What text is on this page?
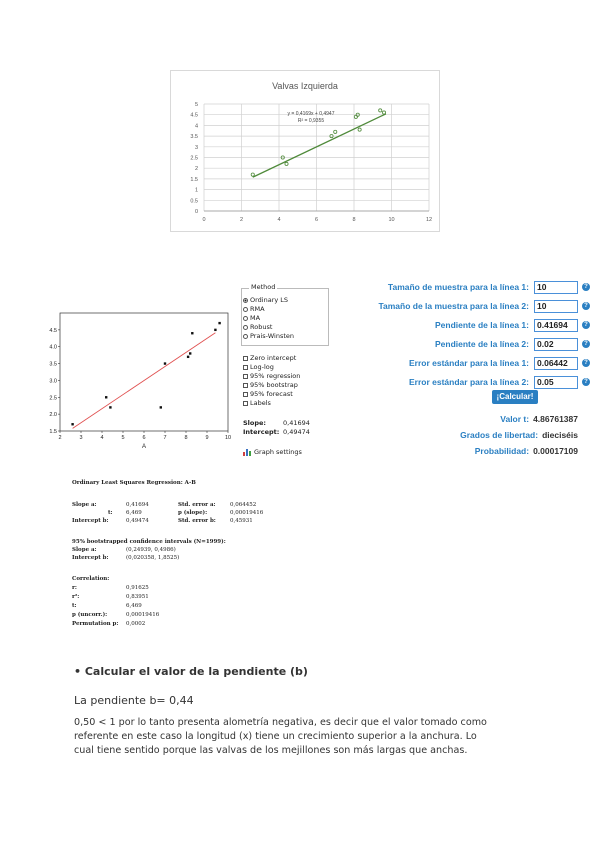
Valvas Izquierda
0
0.5
1
1.5
2
2.5
3
3.5
4
4.5
5
0	2	4	6	8	10	12
y = 0,4169x + 0,4947
R² = 0,9355
1.5
2.0
2.5
3.0
3.5
4.0
4.5
2	3	4	5	6	7	8	9	10
A
Method
Ordinary LS
RMA
MA
Robust
Prais-Winsten
Zero intercept
Log-log
95% regression
95% bootstrap
95% forecast
Labels
Slope:	0,41694
Intercept: 0,49474
Graph settings
Tamaño de muestra para la línea 1: 10	?
Tamaño de la muestra para la línea 2: 10	?
Pendiente de la línea 1: 0.41694	?
Pendiente de la línea 2: 0.02	?
Error estándar para la línea 1: 0.06442	?
Error estándar para la línea 2: 0.05	?
¡Calcular!
Valor t: 4.86761387
Grados de libertad: dieciséis
Probabilidad: 0.00017109
Ordinary Least Squares Regression: A-B
Slope a:	0,41694	Std. error a:	0,064452
t: 6,469	p (slope):	0,00019416
Intercept b:	0,49474	Std. error b:	0,45931
95% bootstrapped confidence intervals (N=1999):
Slope a:	(0,24939, 0,4986)
Intercept b:	(0,020358, 1,8525)
Correlation:
r:	0,91625
r²:	0,83951
t:	6,469
p (uncorr.):	0,00019416
Permutation p: 0,0002
• Calcular el valor de la pendiente (b)
La pendiente b= 0,44
0,50 < 1 por lo tanto presenta alometría negativa, es decir que el valor tomado como
referente en este caso la longitud (x) tiene un crecimiento superior a la anchura. Lo
cual tiene sentido porque las valvas de los mejillones son más largas que anchas.
